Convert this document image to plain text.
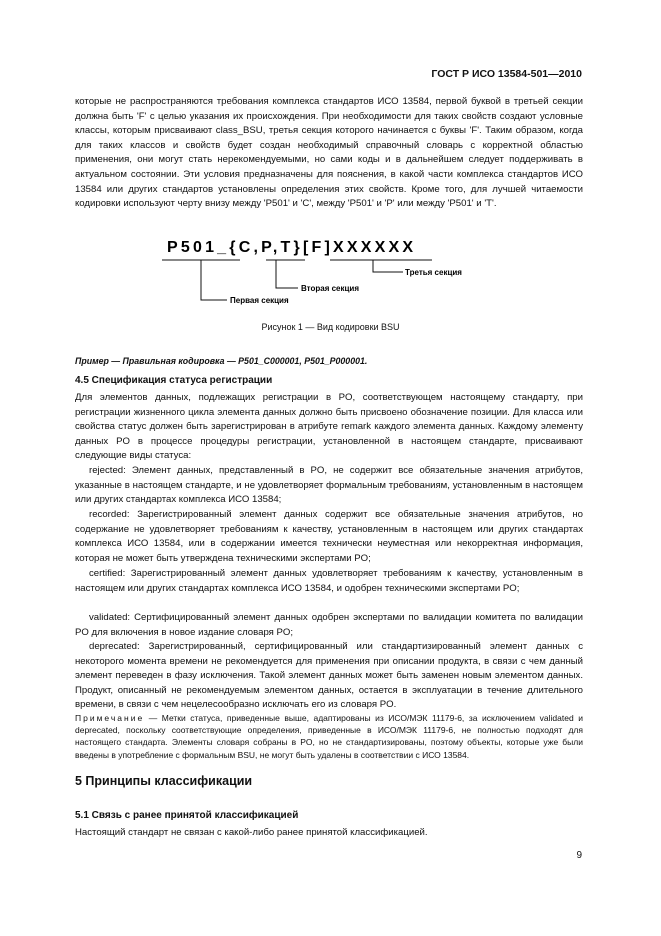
ГОСТ Р ИСО 13584-501—2010

которые не распространяются требования комплекса стандартов ИСО 13584, первой буквой в третьей секции должна быть 'F' с целью указания их происхождения. При необходимости для таких свойств создают условные классы, которым присваивают class_BSU, третья секция которого начинается с буквы 'F'. Таким образом, когда для таких классов и свойств будет создан необходимый справочный словарь с корректной областью применения, они могут стать нерекомендуемыми, но сами коды и в дальнейшем следует поддерживать в актуальном состоянии. Эти условия предназначены для пояснения, в какой части комплекса стандартов ИСО 13584 или других стандартов установлены определения этих свойств. Кроме того, для лучшей читаемости кодировки используют черту внизу между 'P501' и 'C', между 'P501' и 'P' или между 'P501' и 'T'.

P501_{C,P,T}[F]XXXXXX
Третья секция
Вторая секция
Первая секция
Рисунок 1 — Вид кодировки BSU
Пример — Правильная кодировка — P501_C000001, P501_P000001.
4.5 Спецификация статуса регистрации

Для элементов данных, подлежащих регистрации в PO, соответствующем настоящему стандарту, при регистрации жизненного цикла элемента данных должно быть присвоено обозначение позиции. Для класса или свойства статус должен быть зарегистрирован в атрибуте remark каждого элемента данных. Каждому элементу данных PO в процессе процедуры регистрации, установленной в настоящем стандарте, присваивают следующие виды статуса:

rejected: Элемент данных, представленный в PO, не содержит все обязательные значения атрибутов, указанные в настоящем стандарте, и не удовлетворяет формальным требованиям, установленным в настоящем или других стандартах комплекса ИСО 13584;

recorded: Зарегистрированный элемент данных содержит все обязательные значения атрибутов, но содержание не удовлетворяет требованиям к качеству, установленным в настоящем или других стандартах комплекса ИСО 13584, или в содержании имеется технически неуместная или некорректная информация, которая не может быть утверждена техническими экспертами PO;

certified: Зарегистрированный элемент данных удовлетворяет требованиям к качеству, установленным в настоящем или других стандартах комплекса ИСО 13584, и одобрен техническими экспертами PO;

validated: Сертифицированный элемент данных одобрен экспертами по валидации комитета по валидации PO для включения в новое издание словаря PO;

deprecated: Зарегистрированный, сертифицированный или стандартизированный элемент данных с некоторого момента времени не рекомендуется для применения при описании продукта, в связи с чем данный элемент переведен в фазу исключения. Такой элемент данных может быть заменен новым элементом данных. Продукт, описанный не рекомендуемым элементом данных, остается в эксплуатации в течение длительного времени, в связи с чем нецелесообразно исключать его из словаря PO.

Примечание — Метки статуса, приведенные выше, адаптированы из ИСО/МЭК 11179-6, за исключением validated и deprecated, поскольку соответствующие определения, приведенные в ИСО/МЭК 11179-6, не полностью подходят для настоящего стандарта. Элементы словаря собраны в PO, но не стандартизированы, поэтому объекты, которые уже были введены в употребление с формальным BSU, не могут быть удалены в соответствии с ИСО 13584.

5 Принципы классификации
5.1 Связь с ранее принятой классификацией

Настоящий стандарт не связан с какой-либо ранее принятой классификацией.

9
